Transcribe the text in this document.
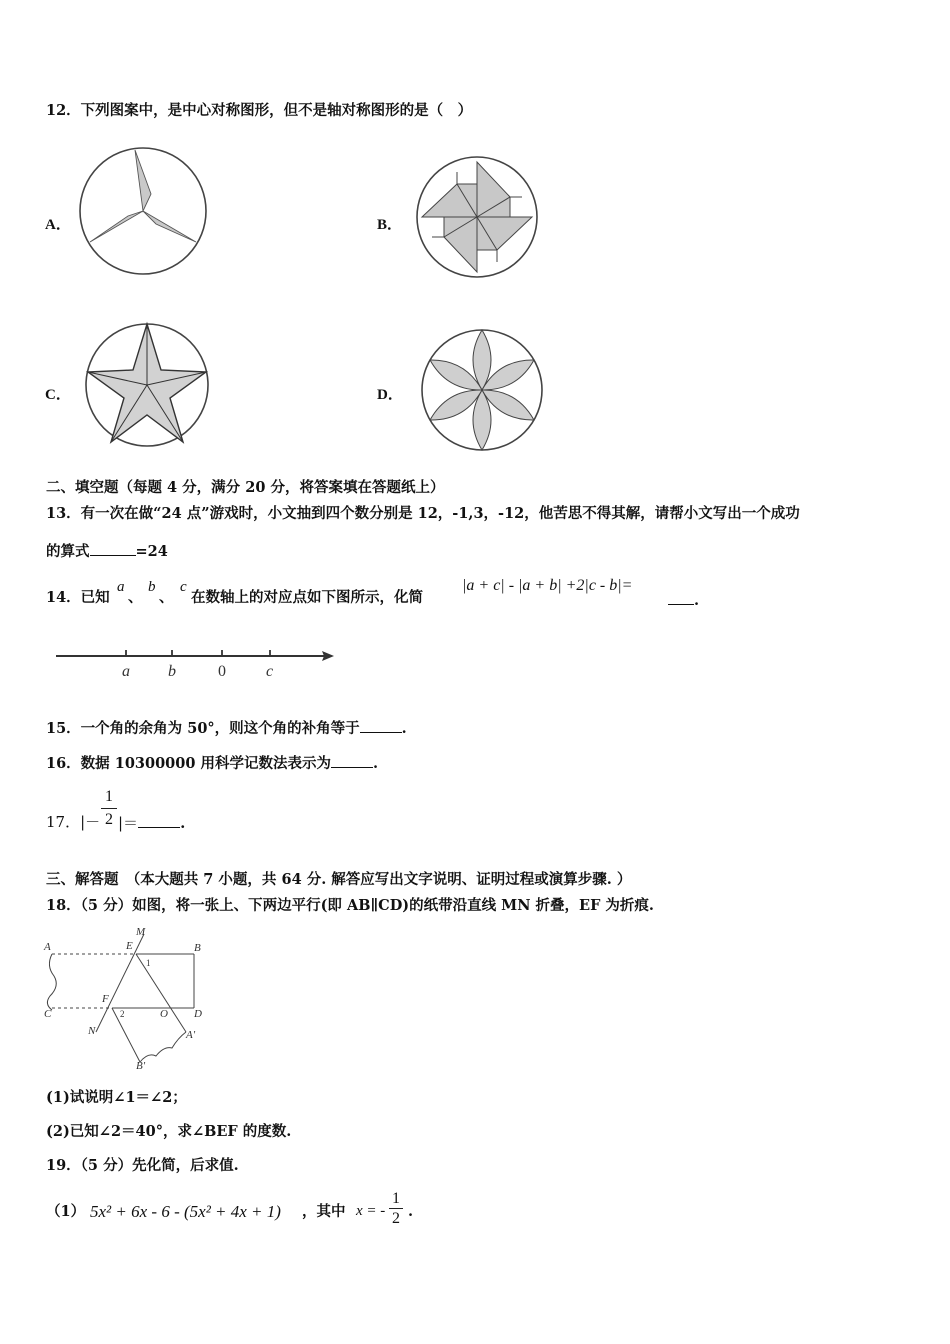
12．下列图案中，是中心对称图形，但不是轴对称图形的是（　）
A．	B．
C．	D．
二、填空题（每题 4 分，满分 20 分，将答案填在答题纸上）
13．有一次在做“24 点”游戏时，小文抽到四个数分别是 12，-1,3，-12，他苦思不得其解，请帮小文写出一个成功
的算式	=24
14．已知
a
、
b
、
c
在数轴上的对应点如下图所示，化简
|a + c| - |a + b| +2|c - b|=
.
a b	0	c
15．一个角的余角为 50°，则这个角的补角等于	.
16．数据 10300000 用科学记数法表示为	.
17．|－
1
2 |＝	.
三、解答题　（本大题共 7 小题，共 64 分. 解答应写出文字说明、证明过程或演算步骤. ）
18．（5 分）如图，将一张上、下两边平行(即 AB∥CD)的纸带沿直线 MN 折叠，EF 为折痕.
A	E
M
1
B
F
2	O D
C
N	A'
B'
(1)试说明∠1＝∠2；
(2)已知∠2＝40°，求∠BEF 的度数.
19．（5 分）先化简，后求值.
（1） 5x² + 6x - 6 - (5x² + 4x + 1) ，其中 x = -
1
2 .
